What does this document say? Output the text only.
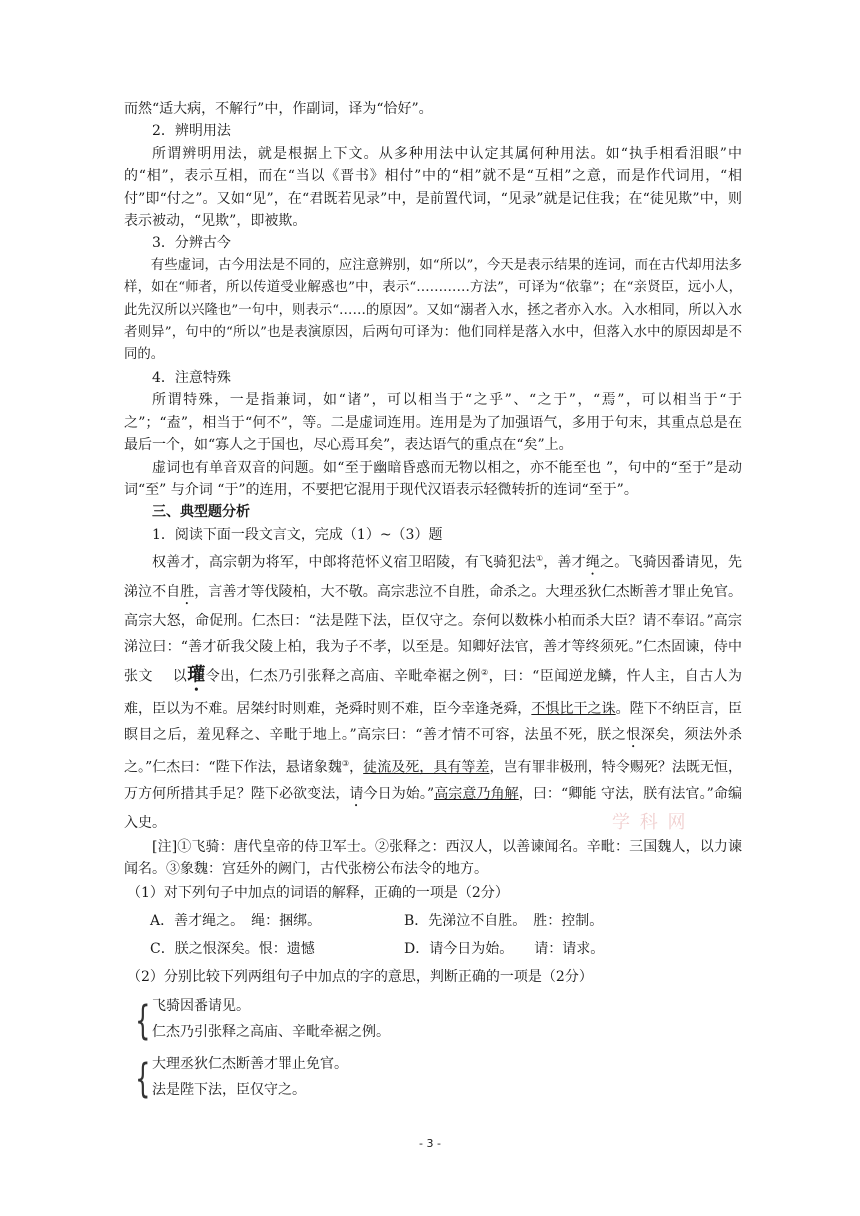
而然“适大病，不解行”中，作副词，译为“恰好”。

2．辨明用法

所谓辨明用法，就是根据上下文。从多种用法中认定其属何种用法。如“执手相看泪眼”中的“相”，表示互相，而在“当以《晋书》相付”中的“相”就不是“互相”之意，而是作代词用，“相付”即“付之”。又如“见”，在“君既若见录”中，是前置代词，“见录”就是记住我；在“徒见欺”中，则表示被动，“见欺”，即被欺。

3．分辨古今

有些虚词，古今用法是不同的，应注意辨别，如“所以”，今天是表示结果的连词，而在古代却用法多样，如在“师者，所以传道受业解惑也”中，表示“…………方法”，可译为“依靠”；在“亲贤臣，远小人，此先汉所以兴隆也”一句中，则表示“……的原因”。又如“溺者入水，拯之者亦入水。入水相同，所以入水者则异”，句中的“所以”也是表演原因，后两句可译为：他们同样是落入水中，但落入水中的原因却是不同的。

4．注意特殊

所谓特殊，一是指兼词，如“诸”，可以相当于“之乎”、“之于”，“焉”，可以相当于“于之”；“盍”，相当于“何不”，等。二是虚词连用。连用是为了加强语气，多用于句末，其重点总是在最后一个，如“寡人之于国也，尽心焉耳矣”，表达语气的重点在“矣”上。

虚词也有单音双音的问题。如“至于幽暗昏惑而无物以相之，亦不能至也 ”，句中的“至于”是动词“至” 与介词 “于”的连用，不要把它混用于现代汉语表示轻微转折的连词“至于”。

三、典型题分析

1．阅读下面一段文言文，完成（1）~（3）题

权善才，高宗朝为将军，中郎将范怀义宿卫昭陵，有飞骑犯法①，善才绳之。飞骑因番请见，先涕泣不自胜，言善才等伐陵柏，大不敬。高宗悲泣不自胜，命杀之。大理丞狄仁杰断善才罪止免官。高宗大怒，命促刑。仁杰曰：“法是陛下法，臣仅守之。奈何以数株小柏而杀大臣？请不奉诏。”高宗涕泣曰：“善才斫我父陵上柏，我为子不孝，以至是。知卿好法官，善才等终须死。”仁杰固谏，侍中张文    以瓘令出，仁杰乃引张释之高庙、辛毗牵裾之例②，曰：“臣闻逆龙鳞，忤人主，自古人为难，臣以为不难。居桀纣时则难，尧舜时则不难，臣今幸逢尧舜，不惧比干之诛。陛下不纳臣言，臣瞑目之后，羞见释之、辛毗于地上。”高宗曰：“善才情不可容，法虽不死，朕之恨深矣，须法外杀之。”仁杰曰：“陛下作法，悬诸象魏③，徒流及死，具有等差，岂有罪非极刑，特令赐死？法既无恒，万方何所措其手足？陛下必欲变法，请今日为始。”高宗意乃角解，曰：“卿能 守法，朕有法官。”命编入史。

[注]①飞骑：唐代皇帝的侍卫军士。②张释之：西汉人，以善谏闻名。辛毗：三国魏人，以力谏闻名。③象魏：宫廷外的阙门，古代张榜公布法令的地方。

（1）对下列句子中加点的词语的解释，正确的一项是（2分）

A．善才绳之。　绳：捆绑。	B．先涕泣不自胜。　胜：控制。
C．朕之恨深矣。恨：遗憾	D．请今日为始。　　请：请求。

（2）分别比较下列两组句子中加点的字的意思，判断正确的一项是（2分）

{ 飞骑因番请见。

仁杰乃引张释之高庙、辛毗牵裾之例。

{ 大理丞狄仁杰断善才罪止免官。

法是陛下法，臣仅守之。

学 科 网
- 3 -
